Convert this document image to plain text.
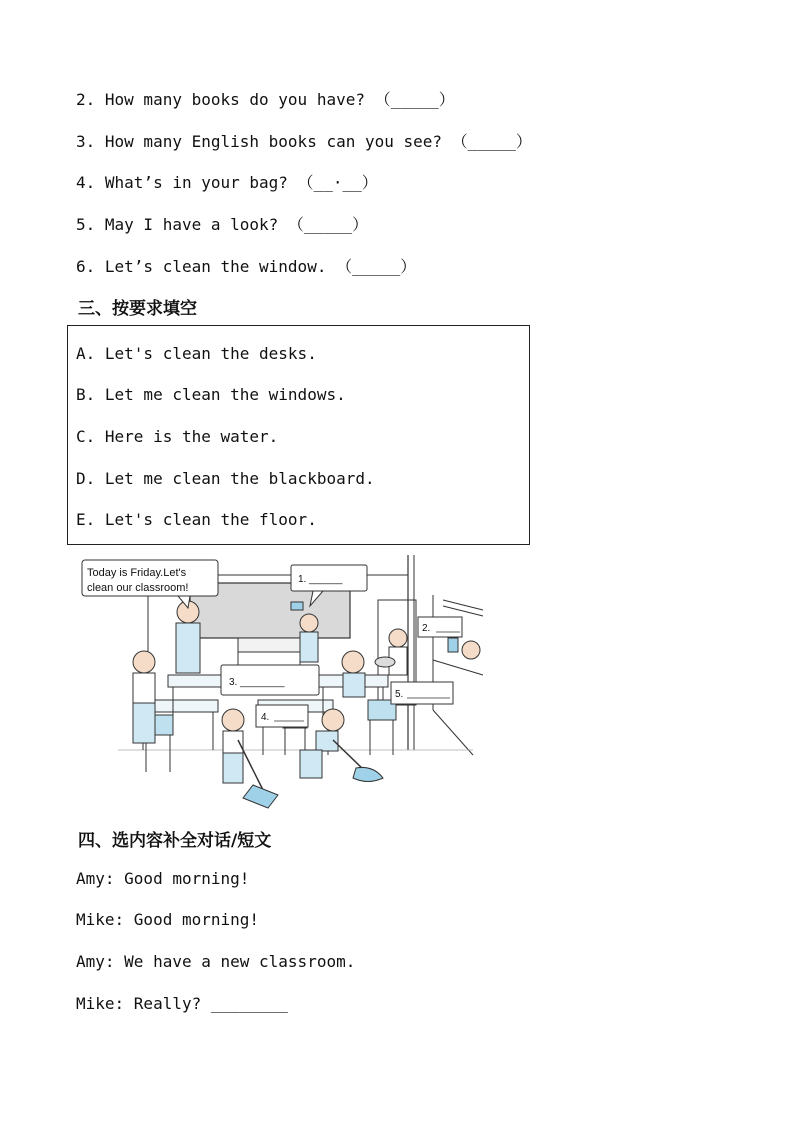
2. How many books do you have? （_____）
3. How many English books can you see? （_____）
4. What’s in your bag? （__·__）
5. May I have a look? （_____）
6. Let’s clean the window. （_____）
三、按要求填空
A. Let's clean the desks.
B. Let me clean the windows.
C. Here is the water.
D. Let me clean the blackboard.
E. Let's clean the floor.
Today is Friday.Let's
clean our classroom!
1. ______
2.
3. ________
4.
5.
四、选内容补全对话/短文
Amy: Good morning!
Mike: Good morning!
Amy: We have a new classroom.
Mike: Really? ________
